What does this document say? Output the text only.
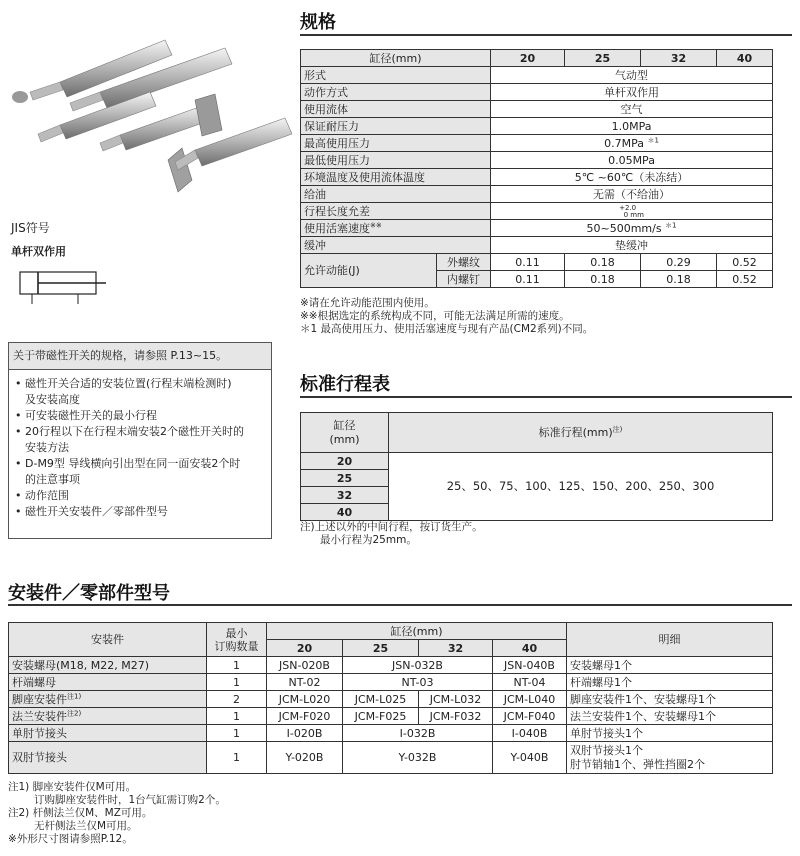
JIS符号
单杆双作用
关于带磁性开关的规格，请参照 P.13~15。
• 磁性开关合适的安装位置(行程末端检测时)
及安装高度
• 可安装磁性开关的最小行程
• 20行程以下在行程末端安装2个磁性开关时的
安装方法
• D-M9型 导线横向引出型在同一面安装2个时
的注意事项
• 动作范围
• 磁性开关安装件／零部件型号
规格
缸径(mm)		20	25	32	40
形式		气动型			
动作方式		单杆双作用			
使用流体		空气			
保证耐压力		1.0MPa			
最高使用压力		0.7MPa $^{*1}$
最低使用压力		0.05MPa			
环境温度及使用流体温度		5℃ ~60℃（未冻结）			
给油		无需（不给油）			
行程长度允差		+2.0
0 mm			
使用活塞速度※※		50~500mm/s $^{*1}$
缓冲		垫缓冲			
允许动能(J)	外螺纹	0.11	0.18	0.29	0.52
	内螺钉	0.11	0.18	0.18	0.52
※请在允许动能范围内使用。
※※根据选定的系统构成不同，可能无法满足所需的速度。
＊1 最高使用压力、使用活塞速度与现有产品(CM2系列)不同。
标准行程表
缸径
(mm)	标准行程(mm)$^{注)}$
20	25、50、75、100、125、150、200、250、300
25	
32	
40	
注)上述以外的中间行程，按订货生产。
最小行程为25mm。
安装件／零部件型号
安装件	最小
订购数量	缸径(mm)				明细
		20	25	32	40	
安装螺母(M18, M22, M27)	1	JSN-020B	JSN-032B		JSN-040B	安装螺母1个
杆端螺母	1	NT-02	NT-03		NT-04	杆端螺母1个
脚座安装件$^{注1)}$	2	JCM-L020	JCM-L025	JCM-L032	JCM-L040	脚座安装件1个、安装螺母1个
法兰安装件$^{注2)}$	1	JCM-F020	JCM-F025	JCM-F032	JCM-F040	法兰安装件1个、安装螺母1个
单肘节接头	1	I-020B	I-032B		I-040B	单肘节接头1个
双肘节接头	1	Y-020B	Y-032B		Y-040B	双肘节接头1个
肘节销轴1个、弹性挡圈2个
注1) 脚座安装件仅M可用。
订购脚座安装件时，1台气缸需订购2个。
注2) 杆侧法兰仅M、MZ可用。
无杆侧法兰仅M可用。
※外形尺寸图请参照P.12。
